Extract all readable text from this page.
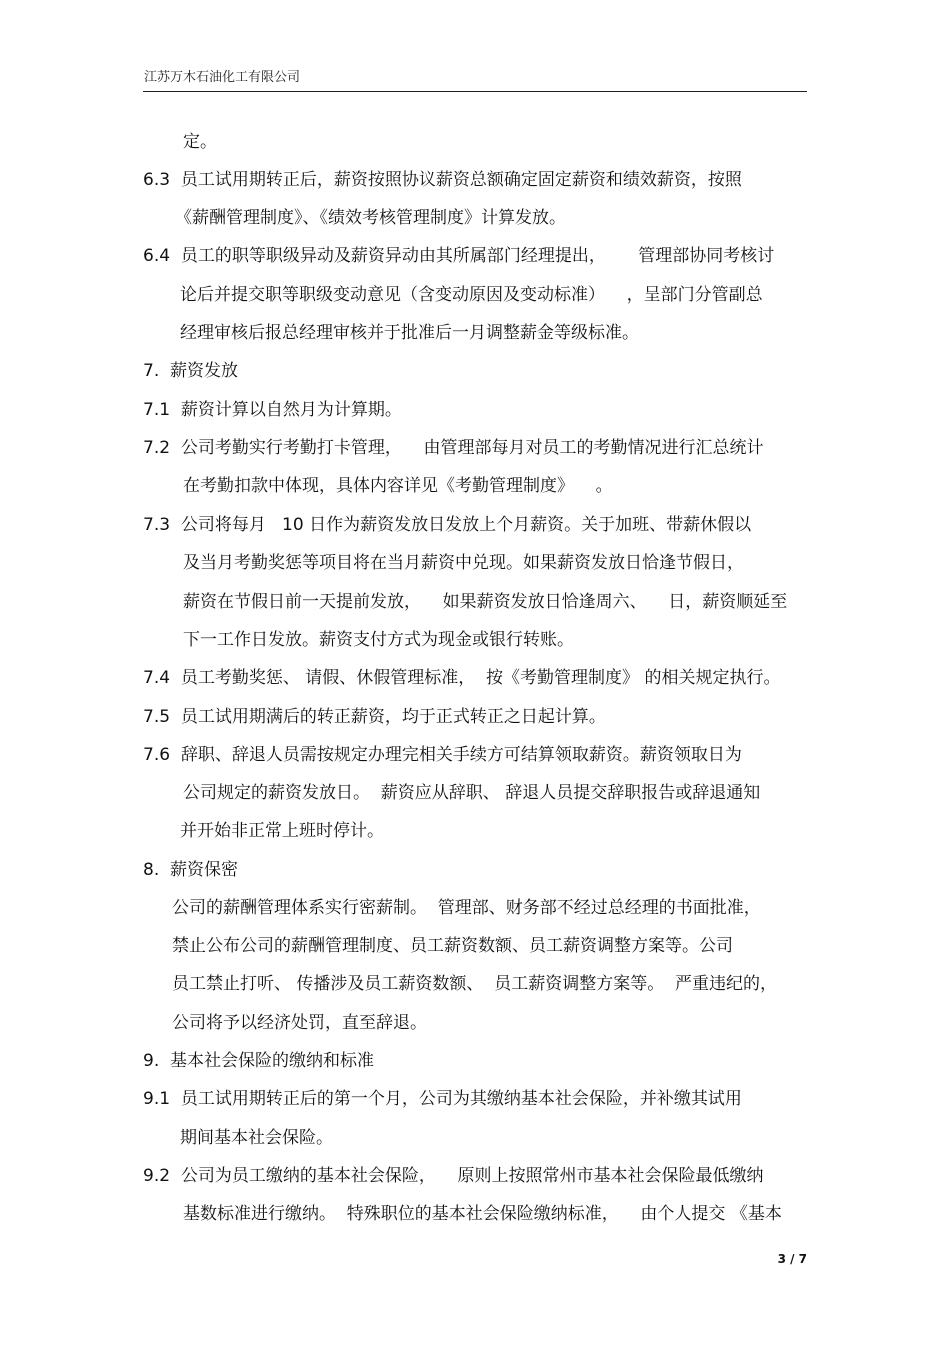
江苏万木石油化工有限公司
定。
6.3  员工试用期转正后，薪资按照协议薪资总额确定固定薪资和绩效薪资，按照
《薪酬管理制度》、《绩效考核管理制度》计算发放。
6.4  员工的职等职级异动及薪资异动由其所属部门经理提出，      管理部协同考核讨
论后并提交职等职级变动意见（含变动原因及变动标准）    ，呈部门分管副总
经理审核后报总经理审核并于批准后一月调整薪金等级标准。
7.  薪资发放
7.1  薪资计算以自然月为计算期。
7.2  公司考勤实行考勤打卡管理，    由管理部每月对员工的考勤情况进行汇总统计
在考勤扣款中体现，具体内容详见《考勤管理制度》    。
7.3  公司将每月   10 日作为薪资发放日发放上个月薪资。关于加班、带薪休假以
及当月考勤奖惩等项目将在当月薪资中兑现。如果薪资发放日恰逢节假日，
薪资在节假日前一天提前发放，    如果薪资发放日恰逢周六、    日，薪资顺延至
下一工作日发放。薪资支付方式为现金或银行转账。
7.4  员工考勤奖惩、 请假、休假管理标准，  按《考勤管理制度》 的相关规定执行。
7.5  员工试用期满后的转正薪资，均于正式转正之日起计算。
7.6  辞职、辞退人员需按规定办理完相关手续方可结算领取薪资。薪资领取日为
公司规定的薪资发放日。  薪资应从辞职、 辞退人员提交辞职报告或辞退通知
并开始非正常上班时停计。
8.  薪资保密
公司的薪酬管理体系实行密薪制。  管理部、财务部不经过总经理的书面批准，
禁止公布公司的薪酬管理制度、员工薪资数额、员工薪资调整方案等。公司
员工禁止打听、 传播涉及员工薪资数额、  员工薪资调整方案等。  严重违纪的，
公司将予以经济处罚，直至辞退。
9.  基本社会保险的缴纳和标准
9.1  员工试用期转正后的第一个月，公司为其缴纳基本社会保险，并补缴其试用
期间基本社会保险。
9.2  公司为员工缴纳的基本社会保险，    原则上按照常州市基本社会保险最低缴纳
基数标准进行缴纳。  特殊职位的基本社会保险缴纳标准，    由个人提交 《基本
3 / 7
